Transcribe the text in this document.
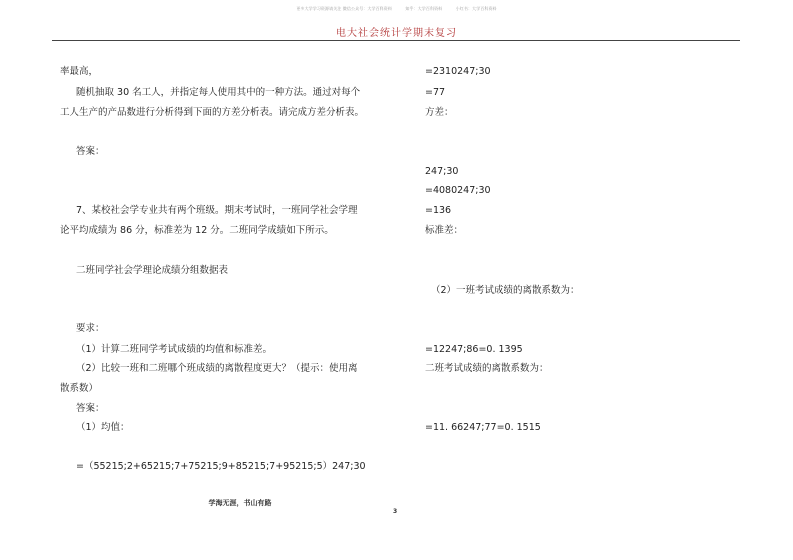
更多大学学习资源请关注 微信公众号：大学百科资料	知乎：大学百科资料	小红书：大学百科资料
电大社会统计学期末复习
率最高，
随机抽取 30 名工人，并指定每人使用其中的一种方法。通过对每个
工人生产的产品数进行分析得到下面的方差分析表。请完成方差分析表。
答案：
7、某校社会学专业共有两个班级。期末考试时，一班同学社会学理
论平均成绩为 86 分，标准差为 12 分。二班同学成绩如下所示。
二班同学社会学理论成绩分组数据表
要求：
（1）计算二班同学考试成绩的均值和标准差。
（2）比较一班和二班哪个班成绩的离散程度更大？（提示：使用离
散系数）
答案：
（1）均值：
=（55215;2+65215;7+75215;9+85215;7+95215;5）247;30
=2310247;30
=77
方差：
247;30
=4080247;30
=136
标准差：
（2）一班考试成绩的离散系数为：
=12247;86=0. 1395
二班考试成绩的离散系数为：
=11. 66247;77=0. 1515
学海无涯，书山有路
3
